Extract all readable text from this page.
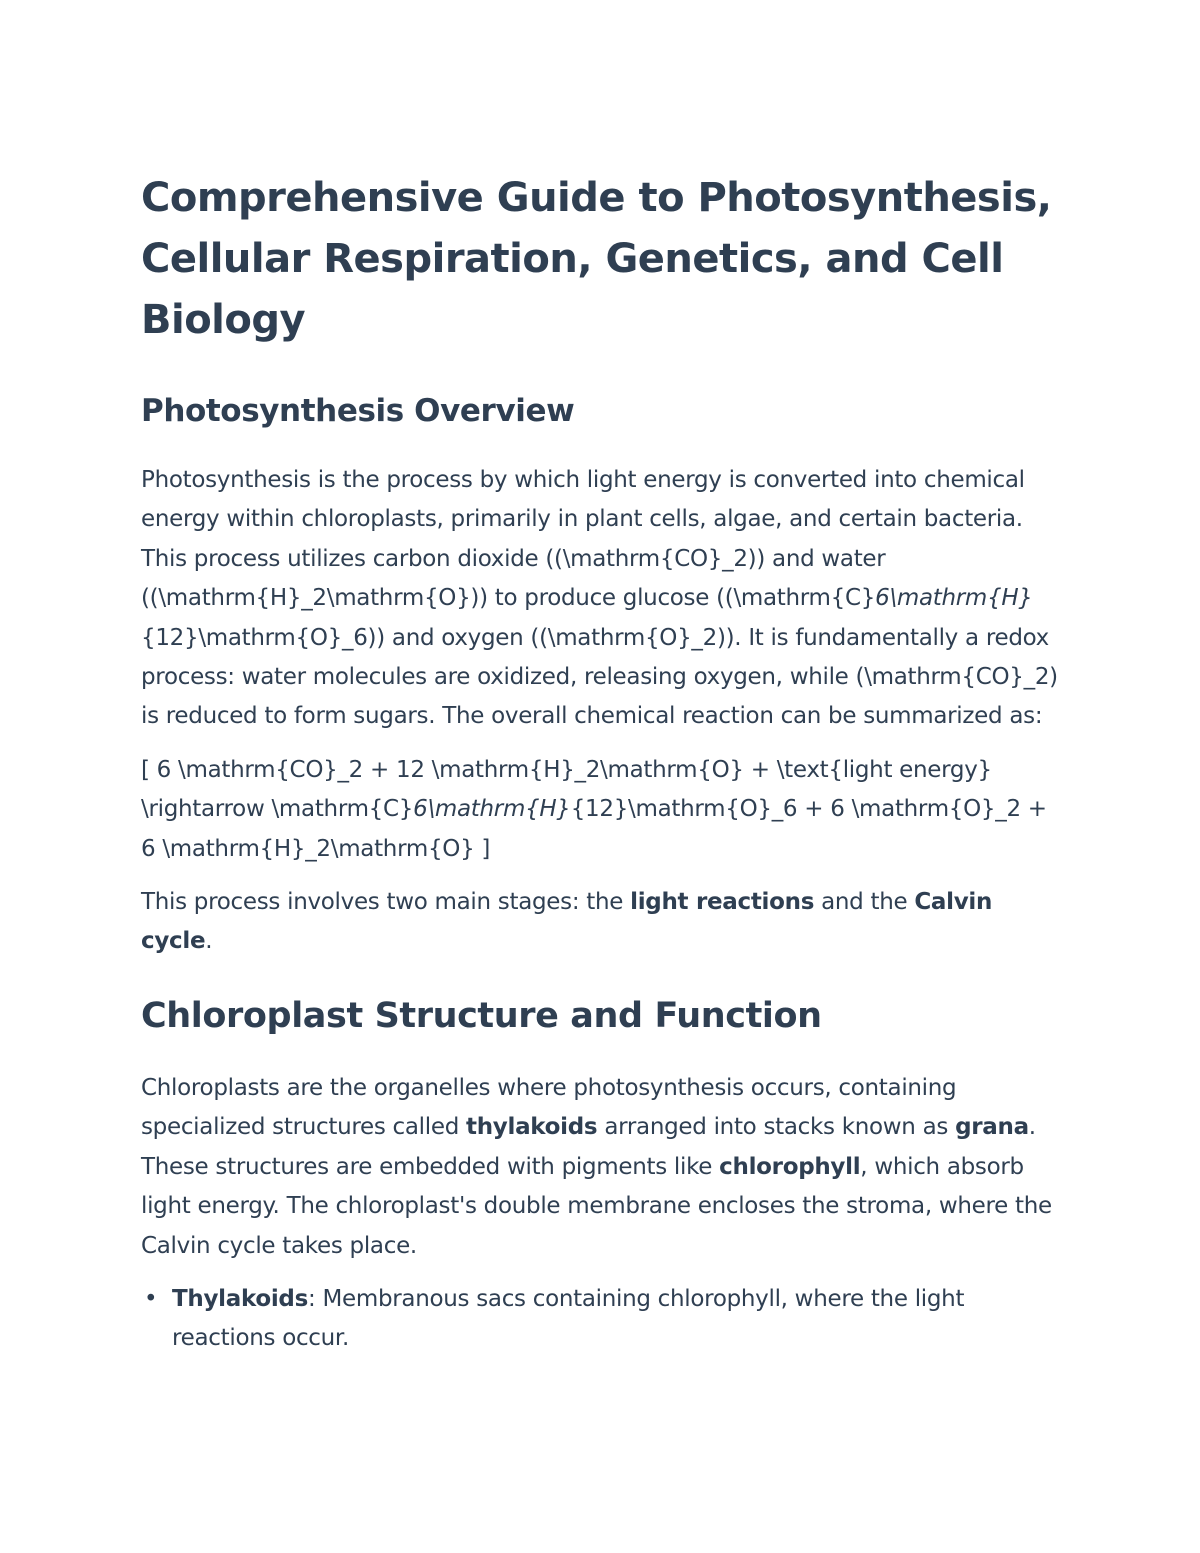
Comprehensive Guide to Photosynthesis, Cellular Respiration, Genetics, and Cell Biology
Photosynthesis Overview

Photosynthesis is the process by which light energy is converted into chemical energy within chloroplasts, primarily in plant cells, algae, and certain bacteria. This process utilizes carbon dioxide ((\mathrm{CO}_2)) and water ((\mathrm{H}_2\mathrm{O})) to produce glucose ((\mathrm{C}6\mathrm{H}{12}\mathrm{O}_6)) and oxygen ((\mathrm{O}_2)). It is fundamentally a redox process: water molecules are oxidized, releasing oxygen, while (\mathrm{CO}_2) is reduced to form sugars. The overall chemical reaction can be summarized as:

[ 6 \mathrm{CO}_2 + 12 \mathrm{H}_2\mathrm{O} + \text{light energy} \rightarrow \mathrm{C}6\mathrm{H}{12}\mathrm{O}_6 + 6 \mathrm{O}_2 + 6 \mathrm{H}_2\mathrm{O} ]

This process involves two main stages: the light reactions and the Calvin cycle.

Chloroplast Structure and Function

Chloroplasts are the organelles where photosynthesis occurs, containing specialized structures called thylakoids arranged into stacks known as grana. These structures are embedded with pigments like chlorophyll, which absorb light energy. The chloroplast's double membrane encloses the stroma, where the Calvin cycle takes place.

• Thylakoids: Membranous sacs containing chlorophyll, where the light reactions occur.
